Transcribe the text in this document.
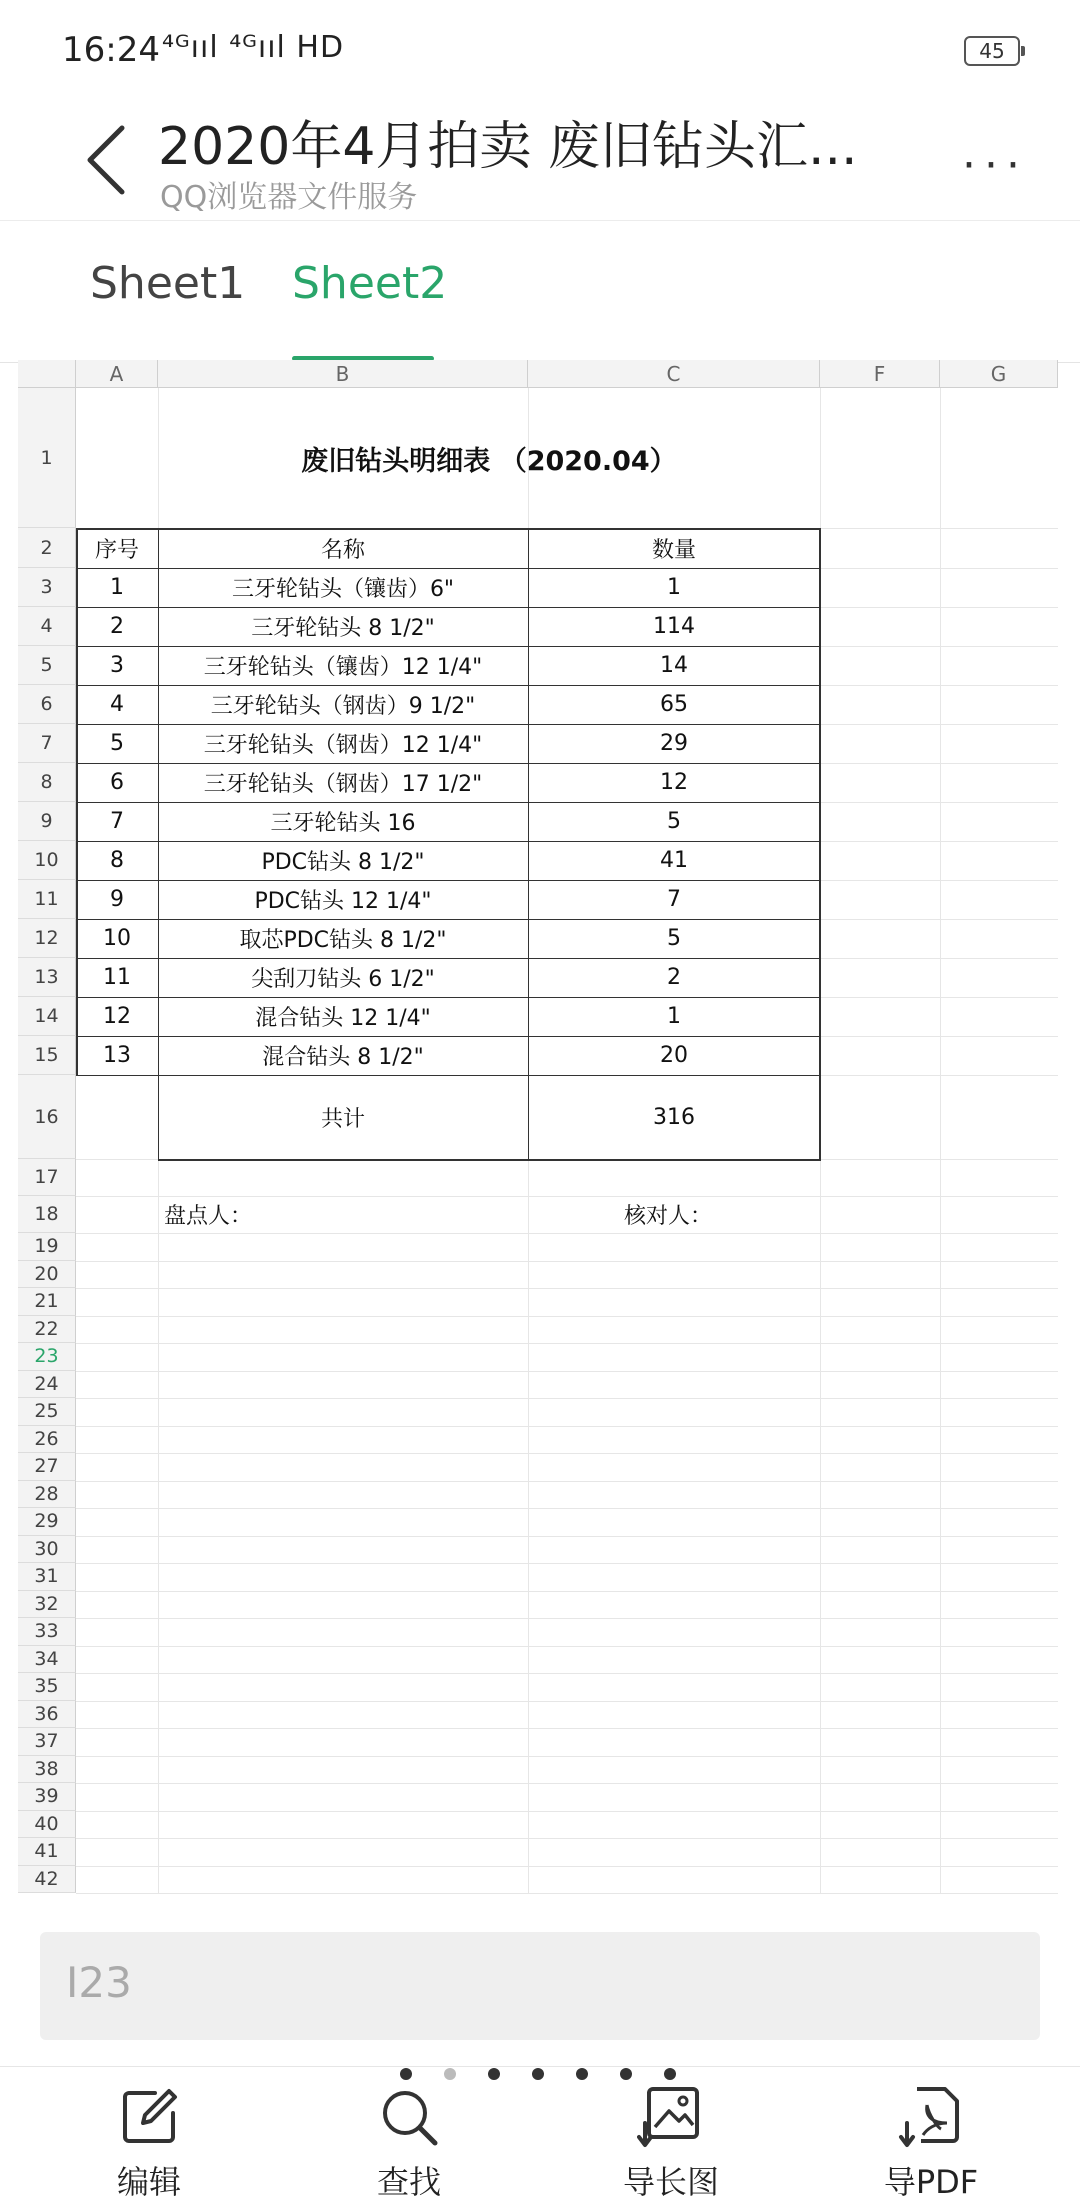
16:24 ⁴ᴳııl ⁴ᴳııl HD	45
2020年4月拍卖 废旧钻头汇...
QQ浏览器文件服务
···
Sheet1 Sheet2
A	B	C	F	G
1
2
3
4
5
6
7
8
9
10
11
12
13
14
15
16
17
18
19
20
21
22
23
24
25
26
27
28
29
30
31
32
33
34
35
36
37
38
39
40
41
42
废旧钻头明细表 （2020.04）
序号	名称	数量
1	三牙轮钻头（镶齿）6"	1
2	三牙轮钻头 8 1/2"	114
3	三牙轮钻头（镶齿）12 1/4"	14
4	三牙轮钻头（钢齿）9 1/2"	65
5	三牙轮钻头（钢齿）12 1/4"	29
6	三牙轮钻头（钢齿）17 1/2"	12
7	三牙轮钻头 16	5
8	PDC钻头 8 1/2"	41
9	PDC钻头 12 1/4"	7
10	取芯PDC钻头 8 1/2"	5
11	尖刮刀钻头 6 1/2"	2
12	混合钻头 12 1/4"	1
13	混合钻头 8 1/2"	20
共计	316
盘点人：	核对人：
I23
编辑	查找	导长图	导PDF
